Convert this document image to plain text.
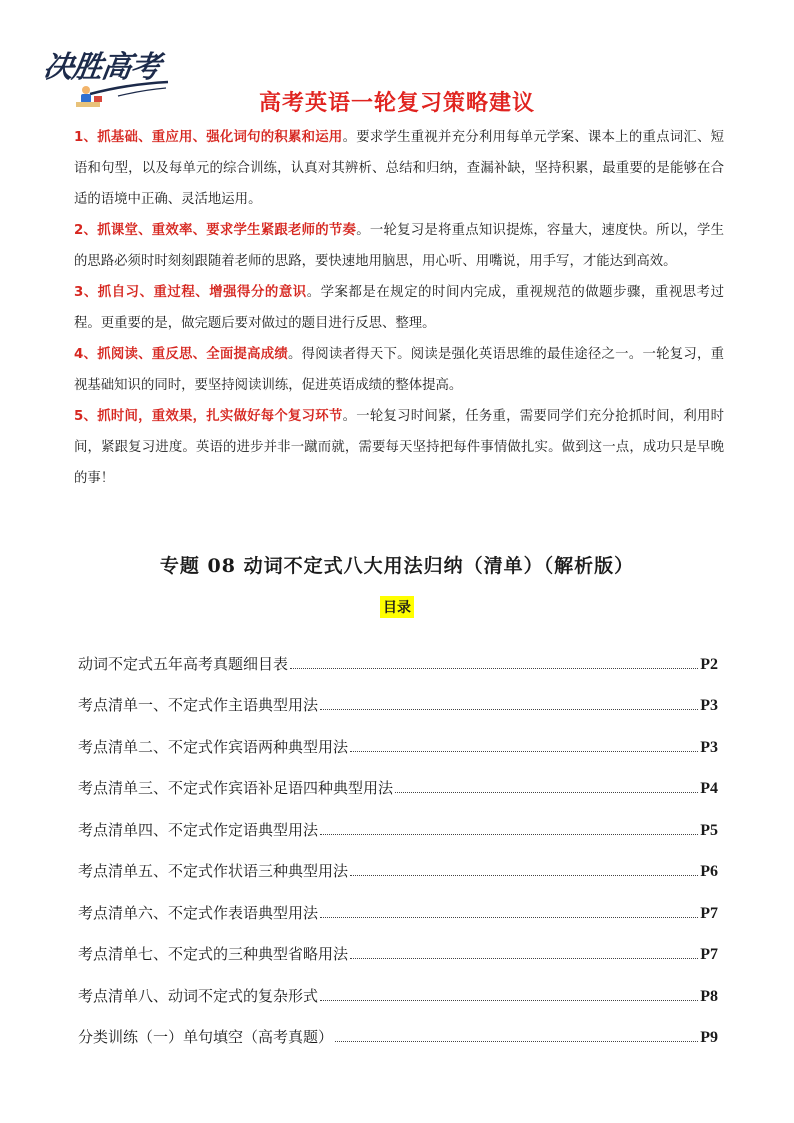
决胜高考
高考英语一轮复习策略建议

1、抓基础、重应用、强化词句的积累和运用。要求学生重视并充分利用每单元学案、课本上的重点词汇、短语和句型，以及每单元的综合训练，认真对其辨析、总结和归纳，查漏补缺，坚持积累，最重要的是能够在合适的语境中正确、灵活地运用。

2、抓课堂、重效率、要求学生紧跟老师的节奏。一轮复习是将重点知识提炼，容量大，速度快。所以，学生的思路必须时时刻刻跟随着老师的思路，要快速地用脑思，用心听、用嘴说，用手写，才能达到高效。

3、抓自习、重过程、增强得分的意识。学案都是在规定的时间内完成，重视规范的做题步骤，重视思考过程。更重要的是，做完题后要对做过的题目进行反思、整理。

4、抓阅读、重反思、全面提高成绩。得阅读者得天下。阅读是强化英语思维的最佳途径之一。一轮复习，重视基础知识的同时，要坚持阅读训练，促进英语成绩的整体提高。

5、抓时间，重效果，扎实做好每个复习环节。一轮复习时间紧，任务重，需要同学们充分抢抓时间，利用时间，紧跟复习进度。英语的进步并非一蹴而就，需要每天坚持把每件事情做扎实。做到这一点，成功只是早晚的事！

专题 08 动词不定式八大用法归纳（清单）（解析版）
目录
动词不定式五年高考真题细目表	P2
考点清单一、不定式作主语典型用法	P3
考点清单二、不定式作宾语两种典型用法	P3
考点清单三、不定式作宾语补足语四种典型用法	P4
考点清单四、不定式作定语典型用法	P5
考点清单五、不定式作状语三种典型用法	P6
考点清单六、不定式作表语典型用法	P7
考点清单七、不定式的三种典型省略用法	P7
考点清单八、动词不定式的复杂形式	P8
分类训练（一）单句填空（高考真题）	P9
